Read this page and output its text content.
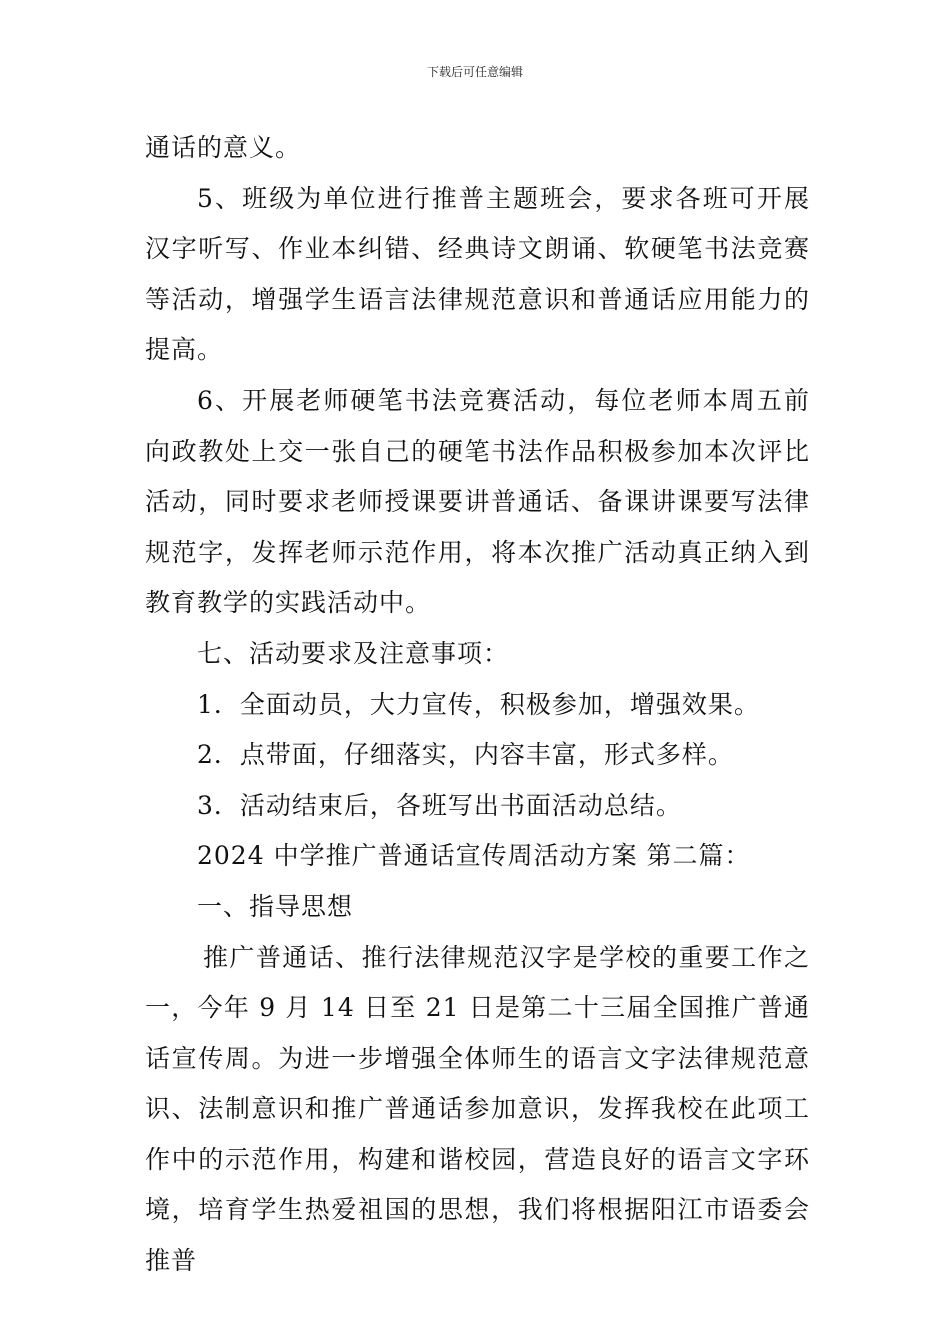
下载后可任意编辑

通话的意义。

5、班级为单位进行推普主题班会，要求各班可开展汉字听写、作业本纠错、经典诗文朗诵、软硬笔书法竞赛等活动，增强学生语言法律规范意识和普通话应用能力的提高。

6、开展老师硬笔书法竞赛活动，每位老师本周五前向政教处上交一张自己的硬笔书法作品积极参加本次评比活动，同时要求老师授课要讲普通话、备课讲课要写法律规范字，发挥老师示范作用，将本次推广活动真正纳入到教育教学的实践活动中。

七、活动要求及注意事项：

1．全面动员，大力宣传，积极参加，增强效果。

2．点带面，仔细落实，内容丰富，形式多样。

3．活动结束后，各班写出书面活动总结。

2024 中学推广普通话宣传周活动方案 第二篇：

一、指导思想

推广普通话、推行法律规范汉字是学校的重要工作之一，今年 9 月 14 日至 21 日是第二十三届全国推广普通话宣传周。为进一步增强全体师生的语言文字法律规范意识、法制意识和推广普通话参加意识，发挥我校在此项工作中的示范作用，构建和谐校园，营造良好的语言文字环境，培育学生热爱祖国的思想，我们将根据阳江市语委会推普
